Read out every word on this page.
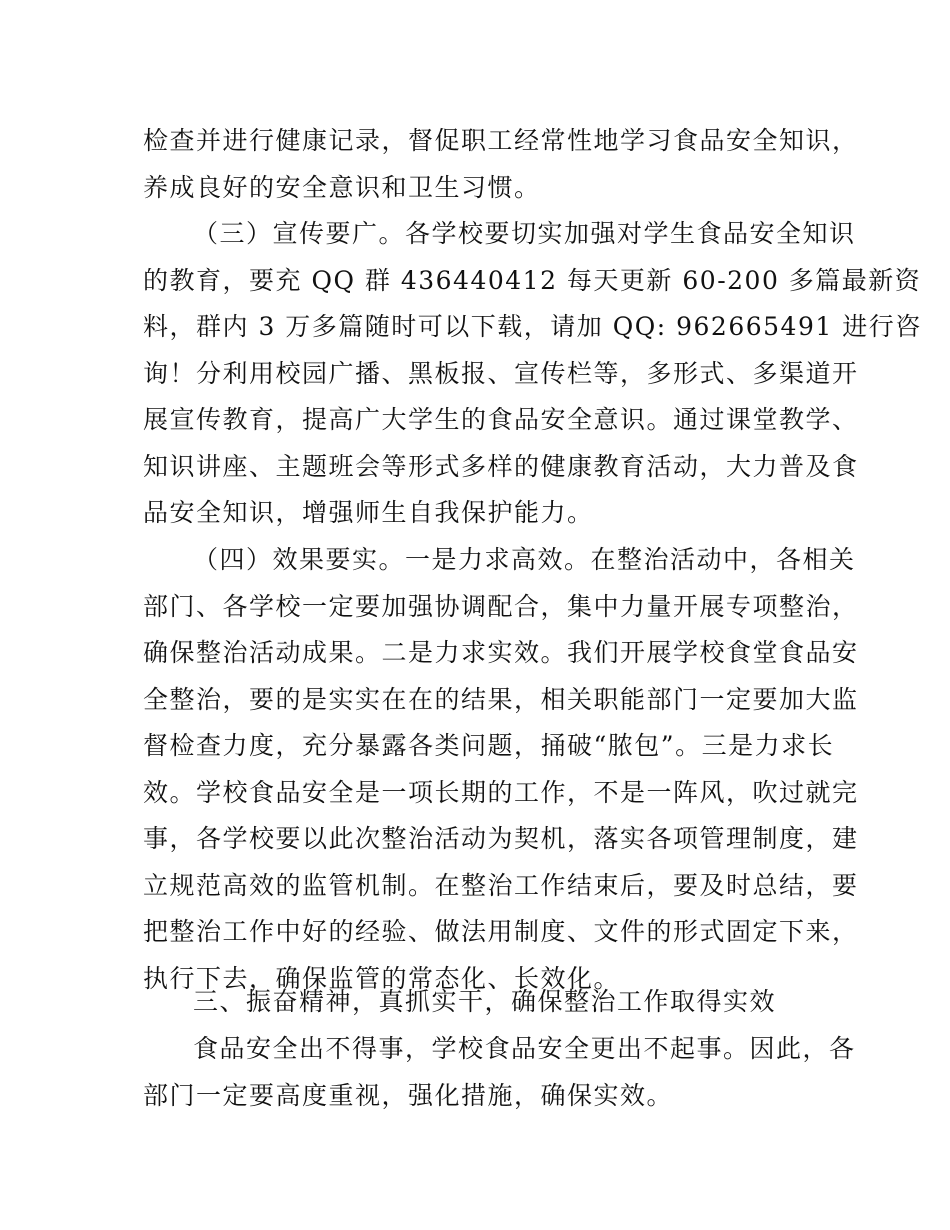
检查并进行健康记录，督促职工经常性地学习食品安全知识，
养成良好的安全意识和卫生习惯。
（三）宣传要广。各学校要切实加强对学生食品安全知识
的教育，要充 QQ 群 436440412 每天更新 60-200 多篇最新资
料，群内 3 万多篇随时可以下载，请加 QQ: 962665491 进行咨
询！分利用校园广播、黑板报、宣传栏等，多形式、多渠道开
展宣传教育，提高广大学生的食品安全意识。通过课堂教学、
知识讲座、主题班会等形式多样的健康教育活动，大力普及食
品安全知识，增强师生自我保护能力。
（四）效果要实。一是力求高效。在整治活动中，各相关
部门、各学校一定要加强协调配合，集中力量开展专项整治，
确保整治活动成果。二是力求实效。我们开展学校食堂食品安
全整治，要的是实实在在的结果，相关职能部门一定要加大监
督检查力度，充分暴露各类问题，捅破“脓包”。三是力求长
效。学校食品安全是一项长期的工作，不是一阵风，吹过就完
事，各学校要以此次整治活动为契机，落实各项管理制度，建
立规范高效的监管机制。在整治工作结束后，要及时总结，要
把整治工作中好的经验、做法用制度、文件的形式固定下来，
执行下去，确保监管的常态化、长效化。
三、振奋精神，真抓实干，确保整治工作取得实效
食品安全出不得事，学校食品安全更出不起事。因此，各
部门一定要高度重视，强化措施，确保实效。
